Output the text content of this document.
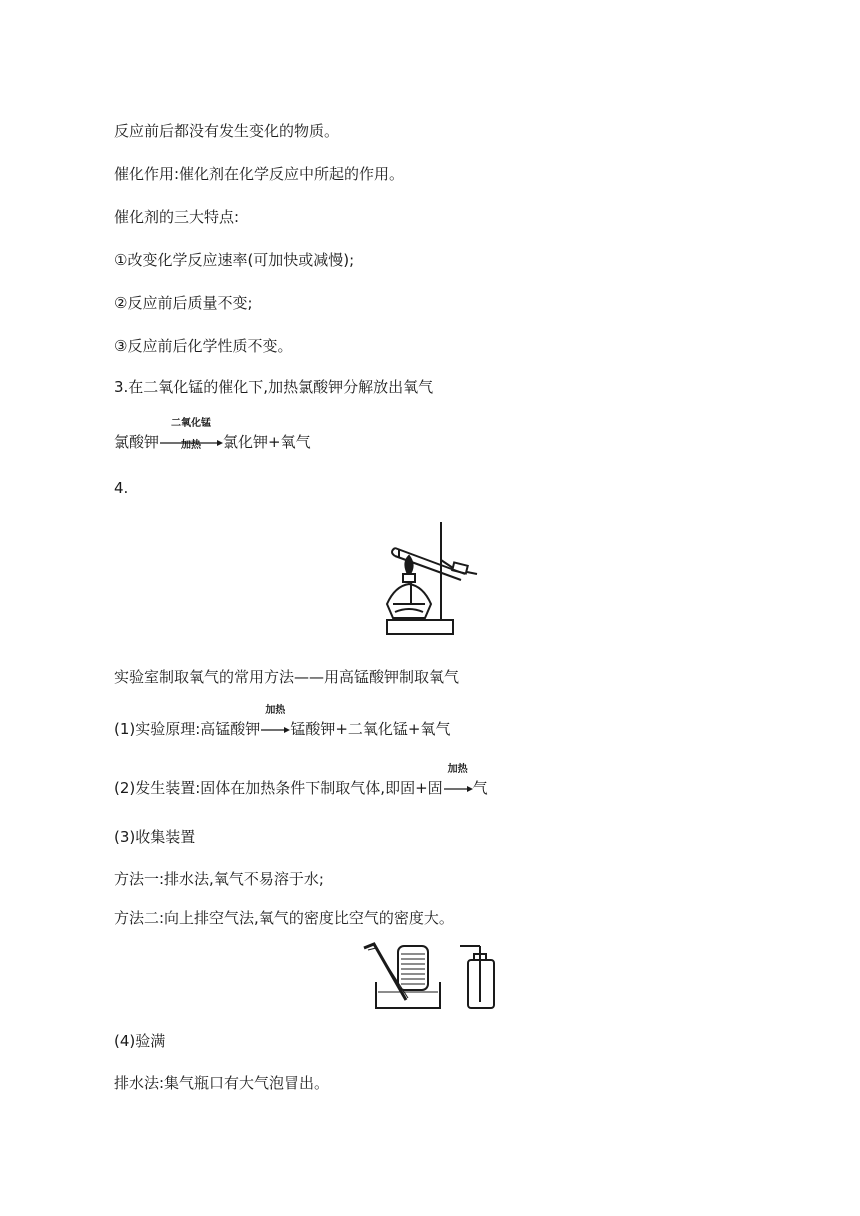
反应前后都没有发生变化的物质。
催化作用:催化剂在化学反应中所起的作用。
催化剂的三大特点:
①改变化学反应速率(可加快或减慢);
②反应前后质量不变;
③反应前后化学性质不变。
3.在二氧化锰的催化下,加热氯酸钾分解放出氧气
氯酸钾
二氧化锰
加热	氯化钾+氧气
4.
实验室制取氧气的常用方法——用高锰酸钾制取氧气
(1)实验原理:高锰酸钾
加热
锰酸钾+二氧化锰+氧气
(2)发生装置:固体在加热条件下制取气体,即固+固
加热
气
(3)收集装置
方法一:排水法,氧气不易溶于水;
方法二:向上排空气法,氧气的密度比空气的密度大。
(4)验满
排水法:集气瓶口有大气泡冒出。
